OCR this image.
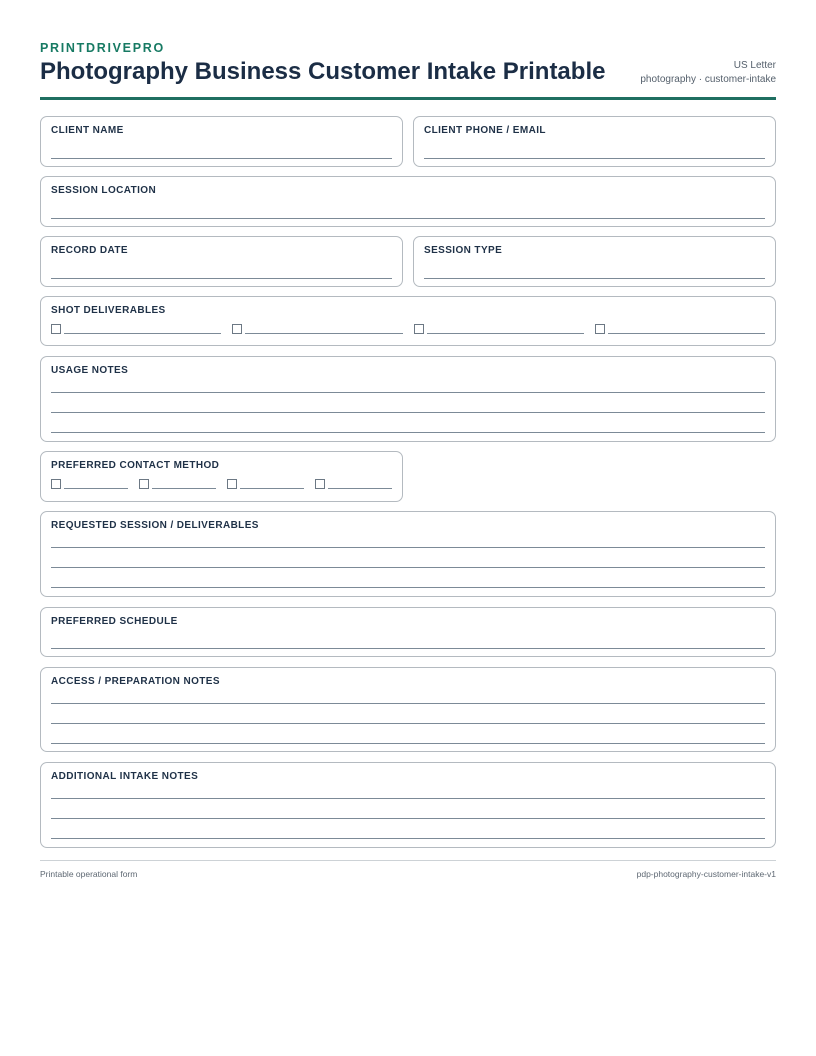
PRINTDRIVEPRO
Photography Business Customer Intake Printable	US Letter
photography · customer-intake
CLIENT NAME	CLIENT PHONE / EMAIL
SESSION LOCATION
RECORD DATE	SESSION TYPE
SHOT DELIVERABLES
USAGE NOTES
PREFERRED CONTACT METHOD
REQUESTED SESSION / DELIVERABLES
PREFERRED SCHEDULE
ACCESS / PREPARATION NOTES
ADDITIONAL INTAKE NOTES
Printable operational form	pdp-photography-customer-intake-v1
